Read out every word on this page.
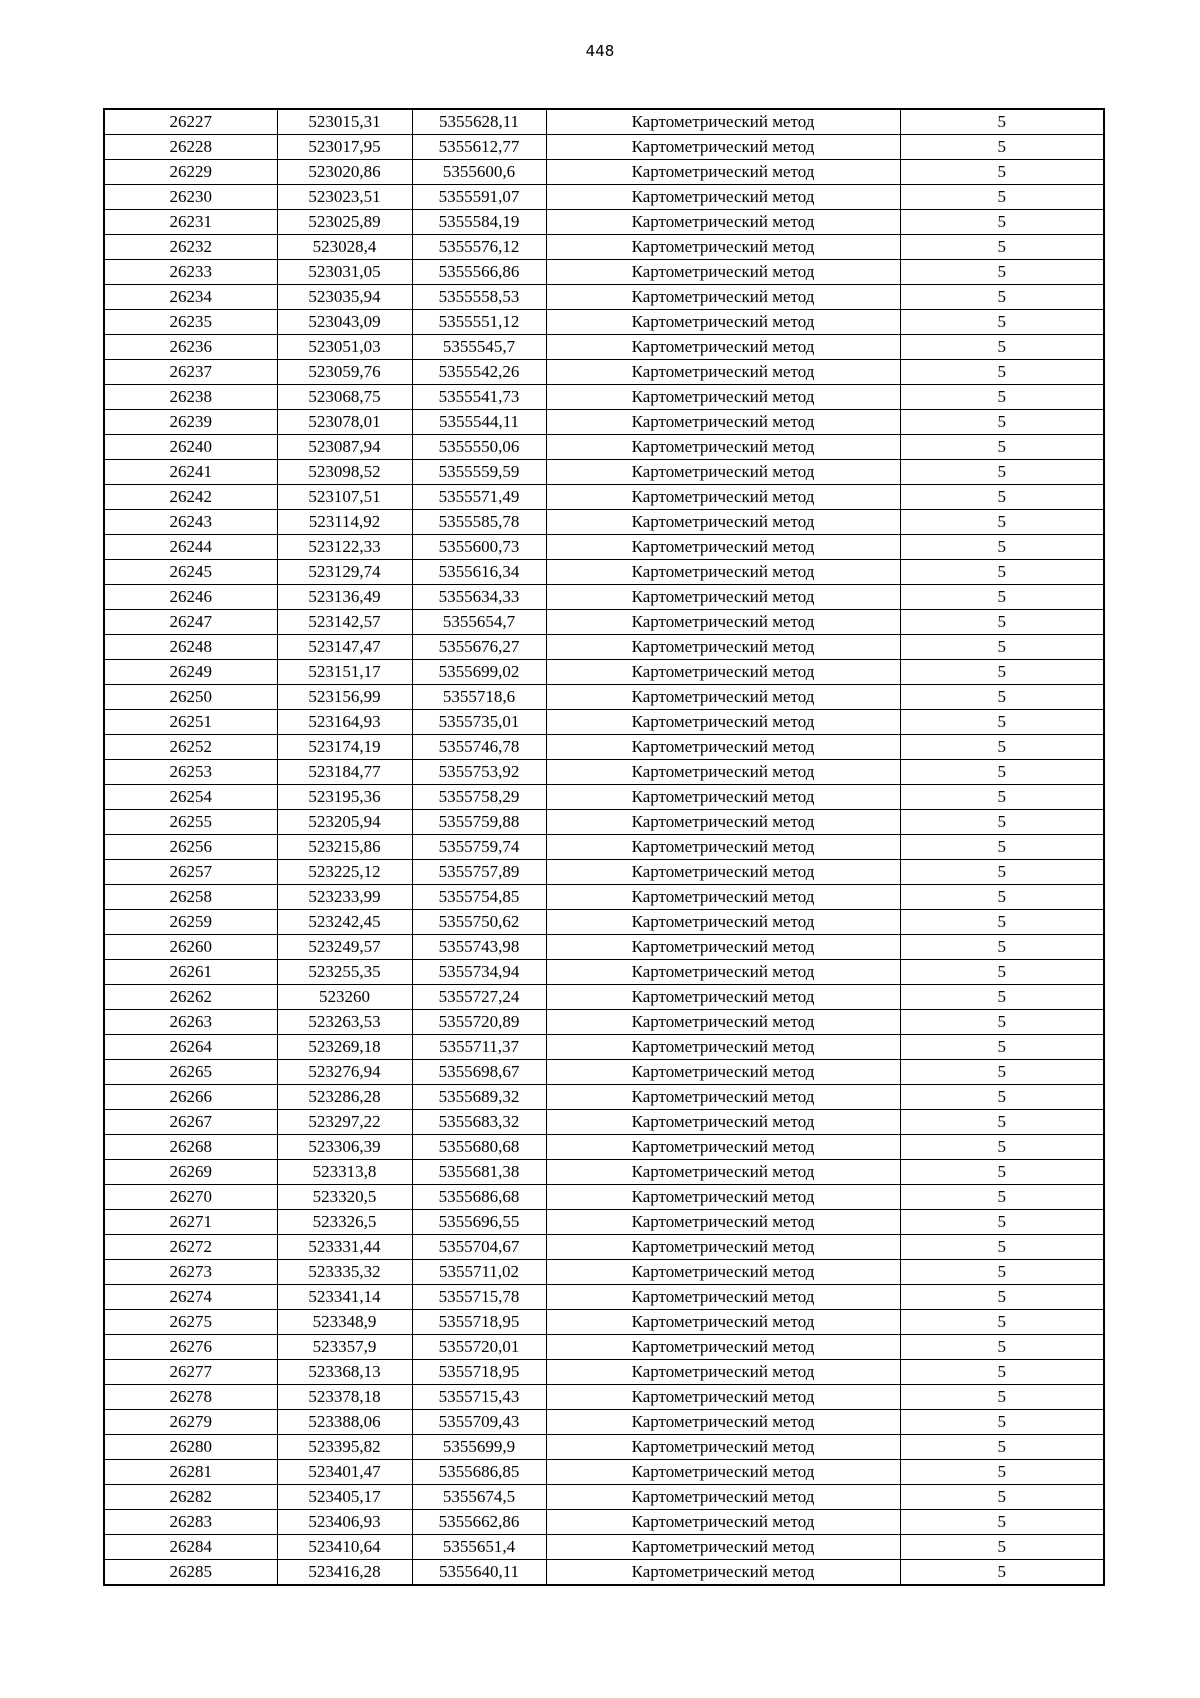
448
26227	523015,31	5355628,11	Картометрический метод	5
26228	523017,95	5355612,77	Картометрический метод	5
26229	523020,86	5355600,6	Картометрический метод	5
26230	523023,51	5355591,07	Картометрический метод	5
26231	523025,89	5355584,19	Картометрический метод	5
26232	523028,4	5355576,12	Картометрический метод	5
26233	523031,05	5355566,86	Картометрический метод	5
26234	523035,94	5355558,53	Картометрический метод	5
26235	523043,09	5355551,12	Картометрический метод	5
26236	523051,03	5355545,7	Картометрический метод	5
26237	523059,76	5355542,26	Картометрический метод	5
26238	523068,75	5355541,73	Картометрический метод	5
26239	523078,01	5355544,11	Картометрический метод	5
26240	523087,94	5355550,06	Картометрический метод	5
26241	523098,52	5355559,59	Картометрический метод	5
26242	523107,51	5355571,49	Картометрический метод	5
26243	523114,92	5355585,78	Картометрический метод	5
26244	523122,33	5355600,73	Картометрический метод	5
26245	523129,74	5355616,34	Картометрический метод	5
26246	523136,49	5355634,33	Картометрический метод	5
26247	523142,57	5355654,7	Картометрический метод	5
26248	523147,47	5355676,27	Картометрический метод	5
26249	523151,17	5355699,02	Картометрический метод	5
26250	523156,99	5355718,6	Картометрический метод	5
26251	523164,93	5355735,01	Картометрический метод	5
26252	523174,19	5355746,78	Картометрический метод	5
26253	523184,77	5355753,92	Картометрический метод	5
26254	523195,36	5355758,29	Картометрический метод	5
26255	523205,94	5355759,88	Картометрический метод	5
26256	523215,86	5355759,74	Картометрический метод	5
26257	523225,12	5355757,89	Картометрический метод	5
26258	523233,99	5355754,85	Картометрический метод	5
26259	523242,45	5355750,62	Картометрический метод	5
26260	523249,57	5355743,98	Картометрический метод	5
26261	523255,35	5355734,94	Картометрический метод	5
26262	523260	5355727,24	Картометрический метод	5
26263	523263,53	5355720,89	Картометрический метод	5
26264	523269,18	5355711,37	Картометрический метод	5
26265	523276,94	5355698,67	Картометрический метод	5
26266	523286,28	5355689,32	Картометрический метод	5
26267	523297,22	5355683,32	Картометрический метод	5
26268	523306,39	5355680,68	Картометрический метод	5
26269	523313,8	5355681,38	Картометрический метод	5
26270	523320,5	5355686,68	Картометрический метод	5
26271	523326,5	5355696,55	Картометрический метод	5
26272	523331,44	5355704,67	Картометрический метод	5
26273	523335,32	5355711,02	Картометрический метод	5
26274	523341,14	5355715,78	Картометрический метод	5
26275	523348,9	5355718,95	Картометрический метод	5
26276	523357,9	5355720,01	Картометрический метод	5
26277	523368,13	5355718,95	Картометрический метод	5
26278	523378,18	5355715,43	Картометрический метод	5
26279	523388,06	5355709,43	Картометрический метод	5
26280	523395,82	5355699,9	Картометрический метод	5
26281	523401,47	5355686,85	Картометрический метод	5
26282	523405,17	5355674,5	Картометрический метод	5
26283	523406,93	5355662,86	Картометрический метод	5
26284	523410,64	5355651,4	Картометрический метод	5
26285	523416,28	5355640,11	Картометрический метод	5
